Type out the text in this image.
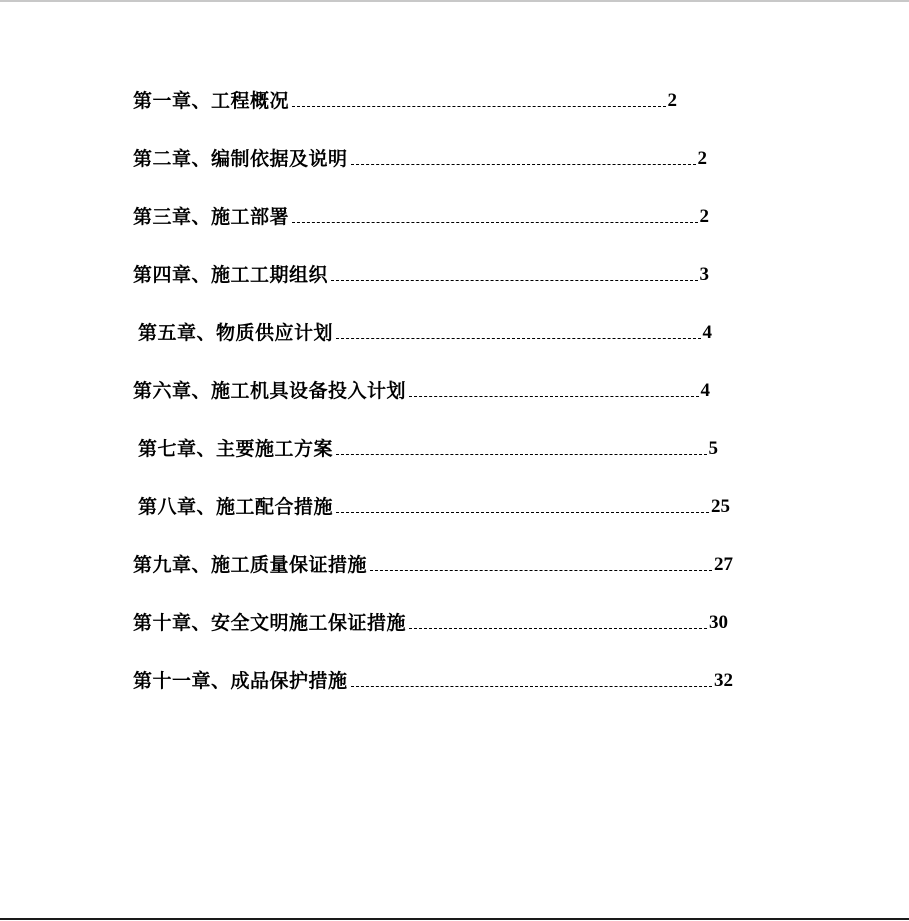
第一章、工程概况	2
第二章、编制依据及说明	2
第三章、施工部署	2
第四章、施工工期组织	3
第五章、物质供应计划	4
第六章、施工机具设备投入计划	4
第七章、主要施工方案	5
第八章、施工配合措施	25
第九章、施工质量保证措施	27
第十章、安全文明施工保证措施	30
第十一章、成品保护措施	32
